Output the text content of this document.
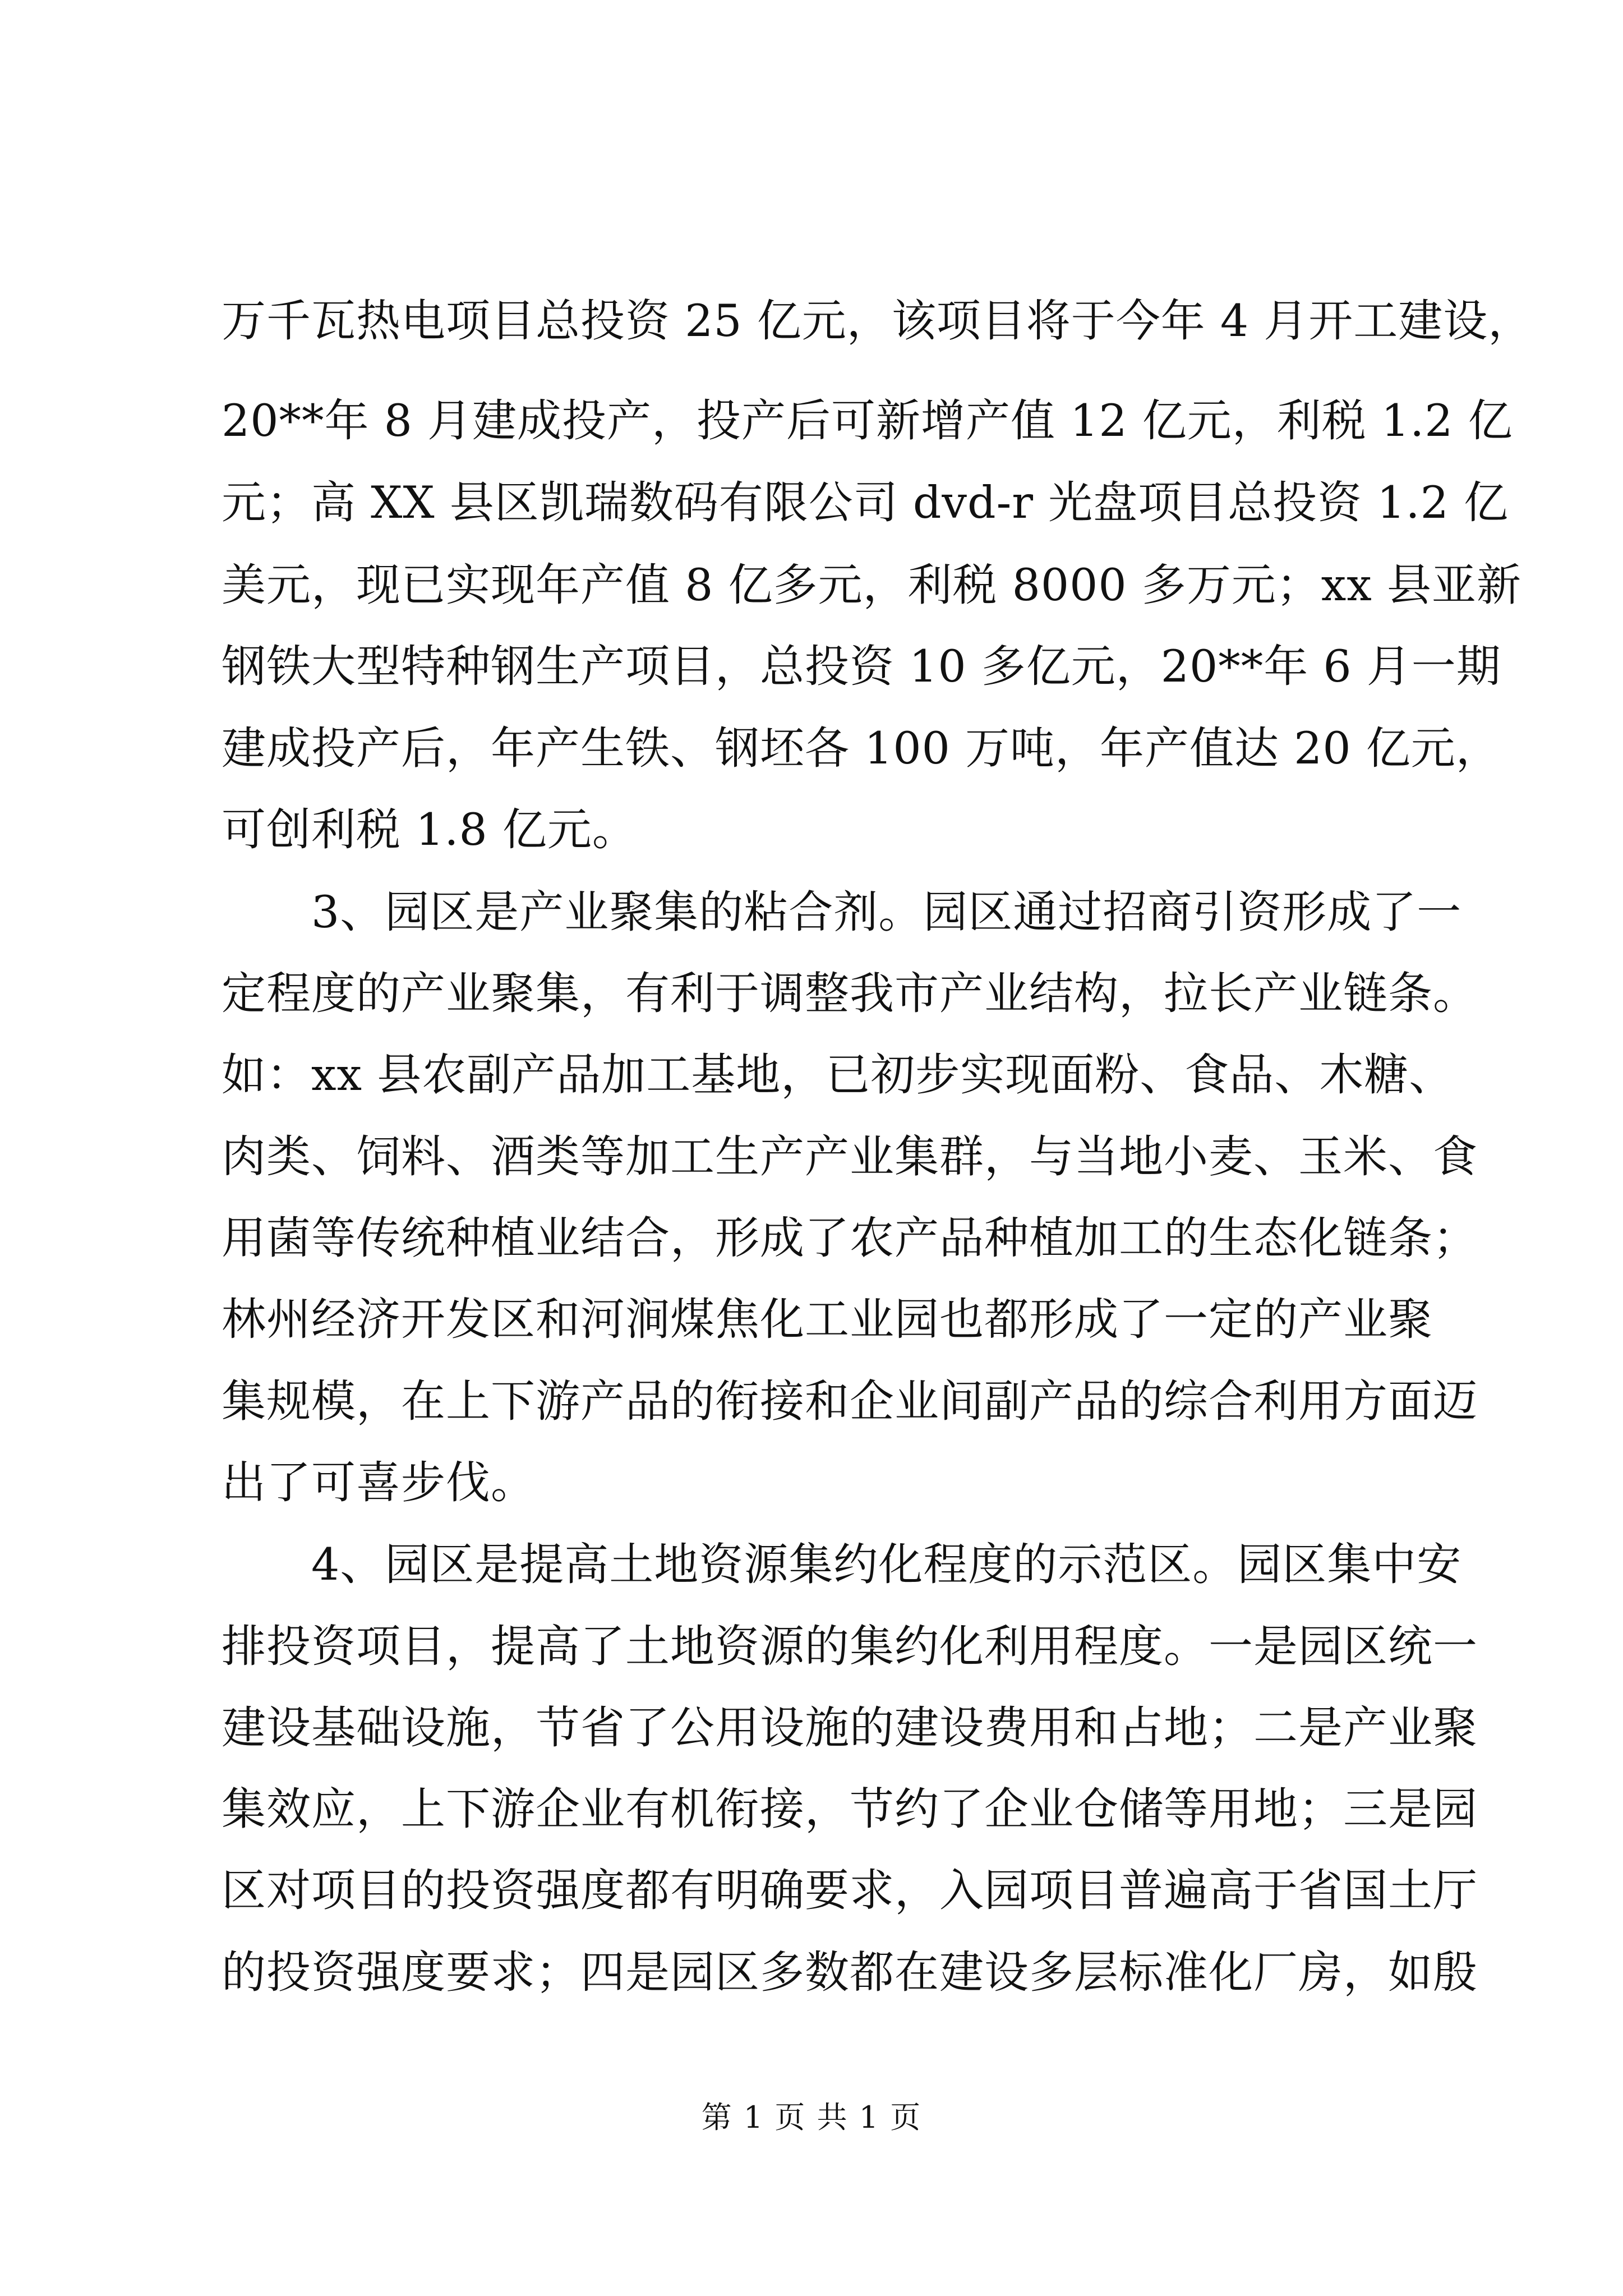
万千瓦热电项目总投资 25 亿元，该项目将于今年 4 月开工建设，
20**年 8 月建成投产，投产后可新增产值 12 亿元，利税 1.2 亿
元；高 XX 县区凯瑞数码有限公司 dvd-r 光盘项目总投资 1.2 亿
美元，现已实现年产值 8 亿多元，利税 8000 多万元；xx 县亚新
钢铁大型特种钢生产项目，总投资 10 多亿元，20**年 6 月一期
建成投产后，年产生铁、钢坯各 100 万吨，年产值达 20 亿元，
可创利税 1.8 亿元。
　　3、园区是产业聚集的粘合剂。园区通过招商引资形成了一
定程度的产业聚集，有利于调整我市产业结构，拉长产业链条。
如：xx 县农副产品加工基地，已初步实现面粉、食品、木糖、
肉类、饲料、酒类等加工生产产业集群，与当地小麦、玉米、食
用菌等传统种植业结合，形成了农产品种植加工的生态化链条；
林州经济开发区和河涧煤焦化工业园也都形成了一定的产业聚
集规模，在上下游产品的衔接和企业间副产品的综合利用方面迈
出了可喜步伐。
　　4、园区是提高土地资源集约化程度的示范区。园区集中安
排投资项目，提高了土地资源的集约化利用程度。一是园区统一
建设基础设施，节省了公用设施的建设费用和占地；二是产业聚
集效应，上下游企业有机衔接，节约了企业仓储等用地；三是园
区对项目的投资强度都有明确要求，入园项目普遍高于省国土厅
的投资强度要求；四是园区多数都在建设多层标准化厂房，如殷
第 1 页 共 1 页
